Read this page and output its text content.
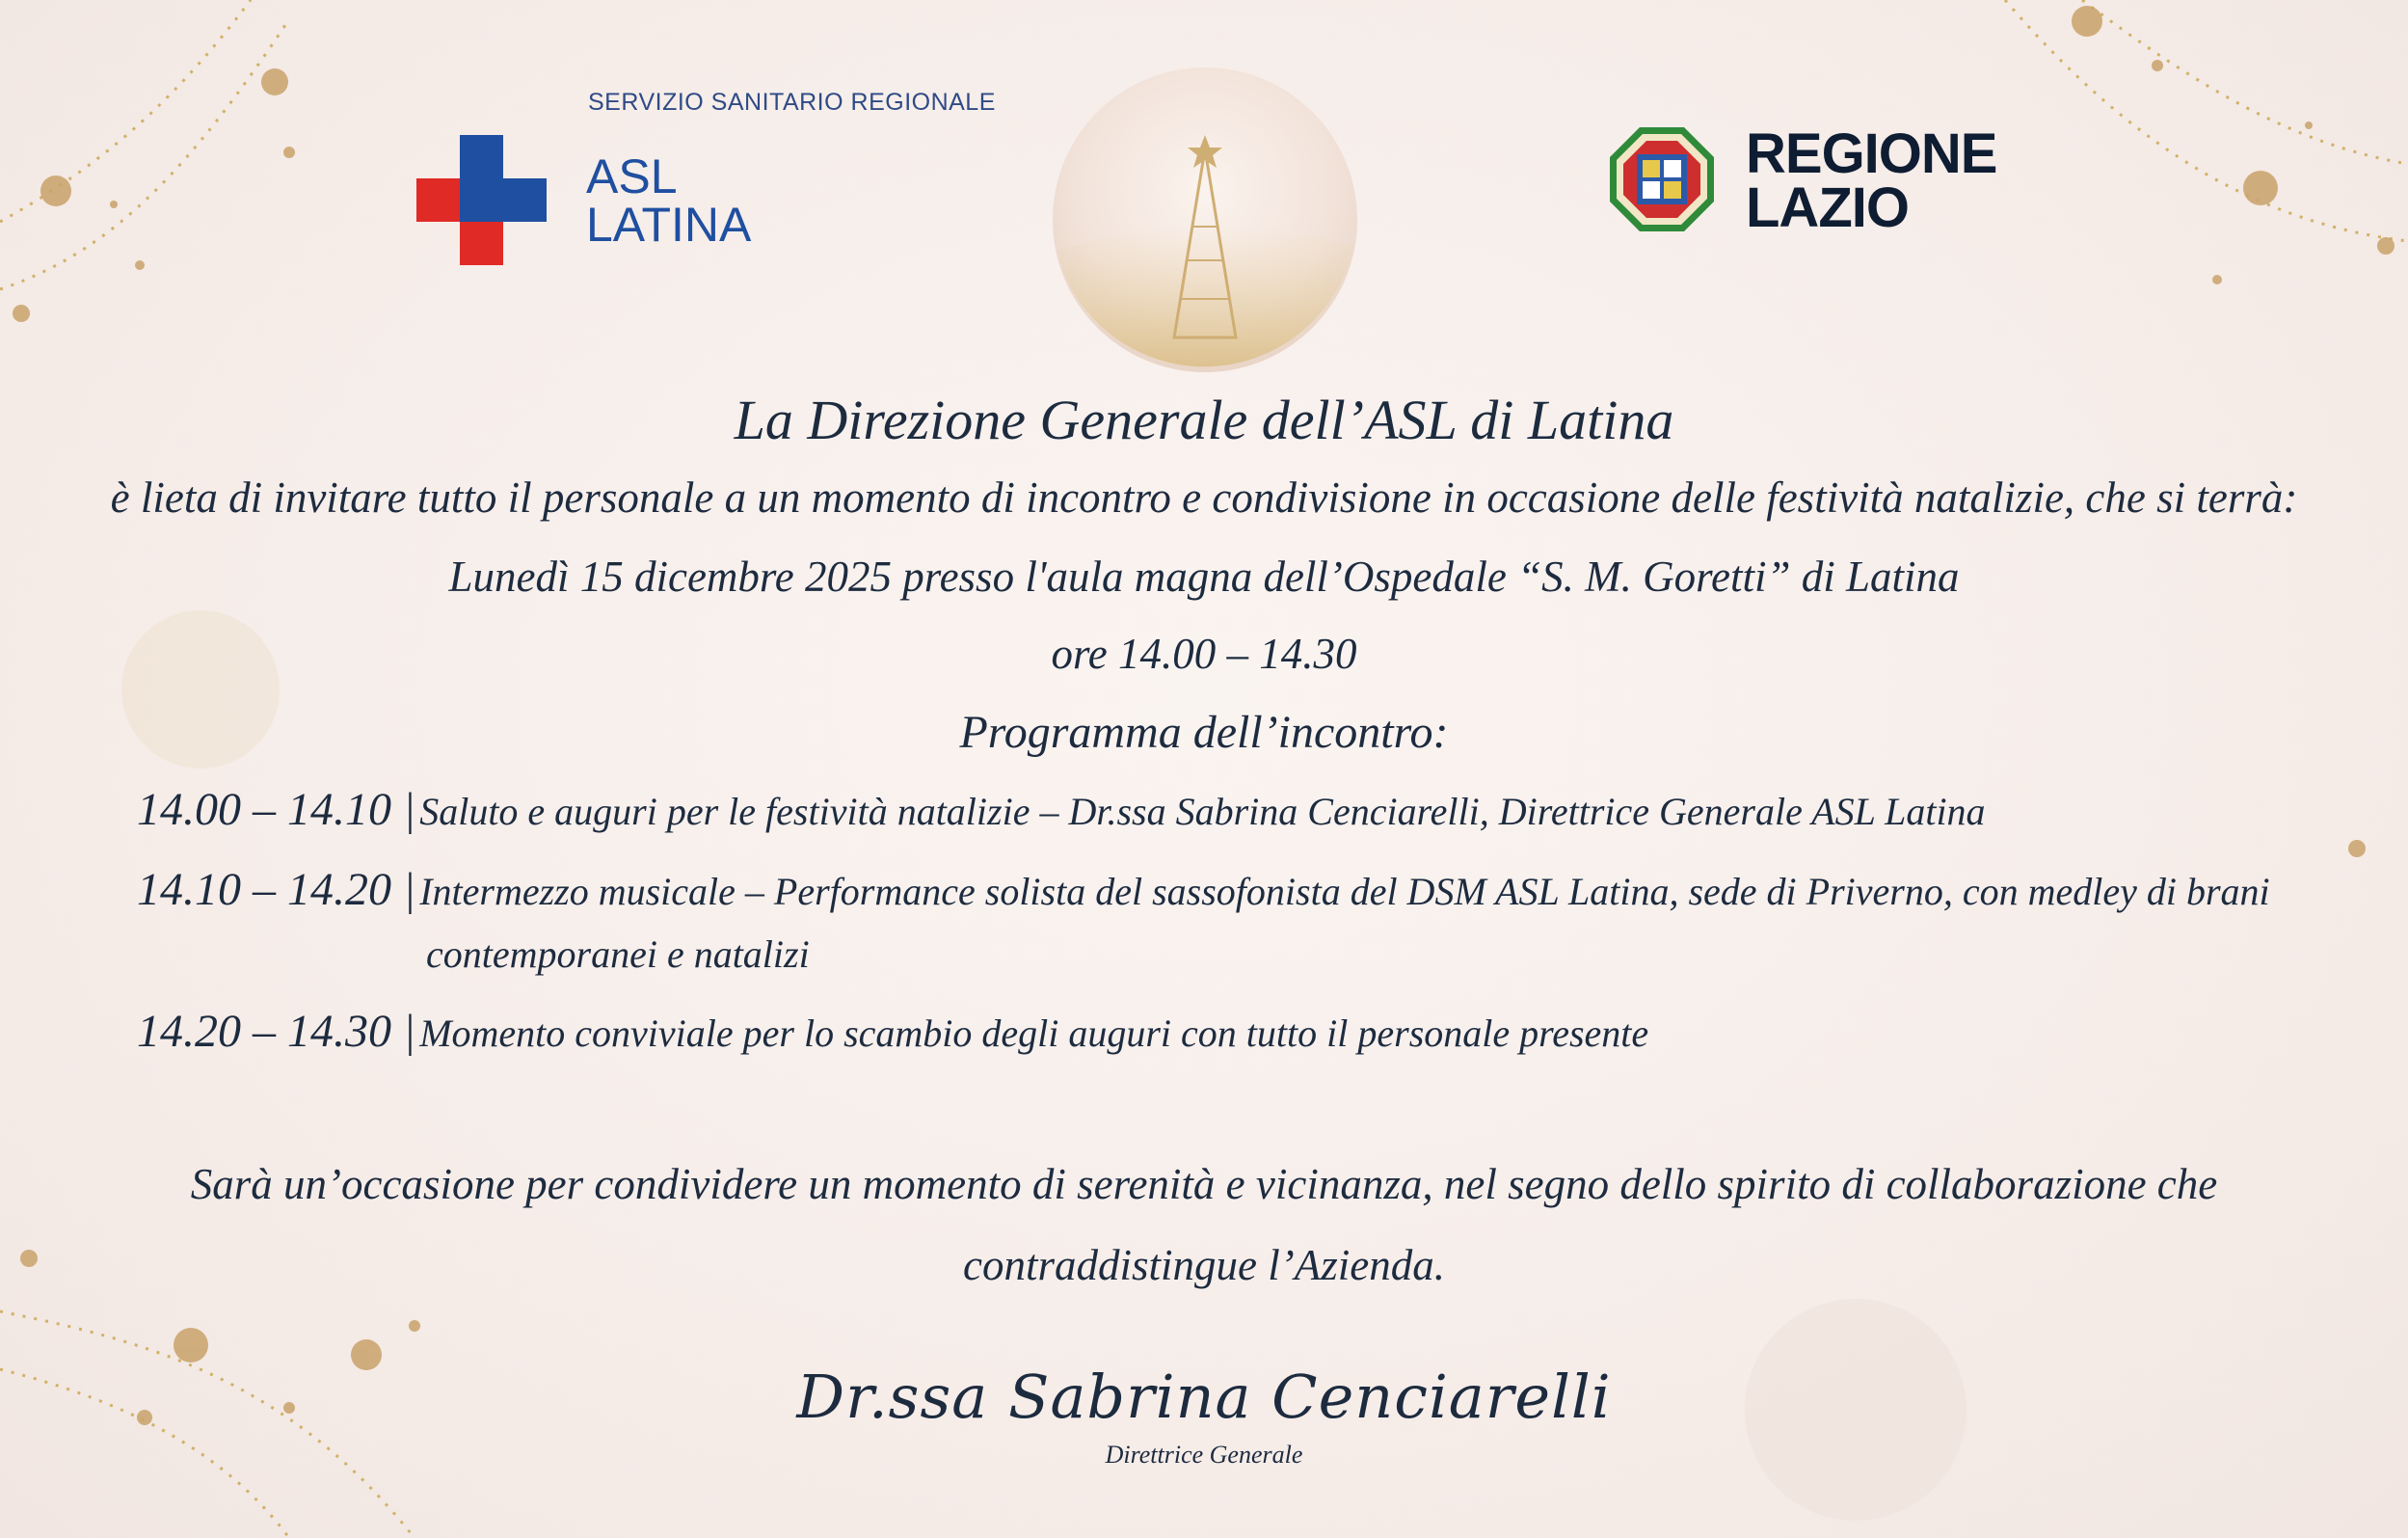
SERVIZIO SANITARIO REGIONALE
ASL
LATINA
REGIONE
LAZIO
La Direzione Generale dell’ASL di Latina
è lieta di invitare tutto il personale a un momento di incontro e condivisione in occasione delle festività natalizie, che si terrà:
Lunedì 15 dicembre 2025 presso l'aula magna dell’Ospedale “S. M. Goretti” di Latina
ore 14.00 – 14.30
Programma dell’incontro:
14.00 – 14.10 | Saluto e auguri per le festività natalizie – Dr.ssa Sabrina Cenciarelli, Direttrice Generale ASL Latina
14.10 – 14.20 | Intermezzo musicale – Performance solista del sassofonista del DSM ASL Latina, sede di Priverno, con medley di brani
contemporanei e natalizi
14.20 – 14.30 | Momento conviviale per lo scambio degli auguri con tutto il personale presente
Sarà un’occasione per condividere un momento di serenità e vicinanza, nel segno dello spirito di collaborazione che
contraddistingue l’Azienda.
Dr.ssa Sabrina Cenciarelli
Direttrice Generale
